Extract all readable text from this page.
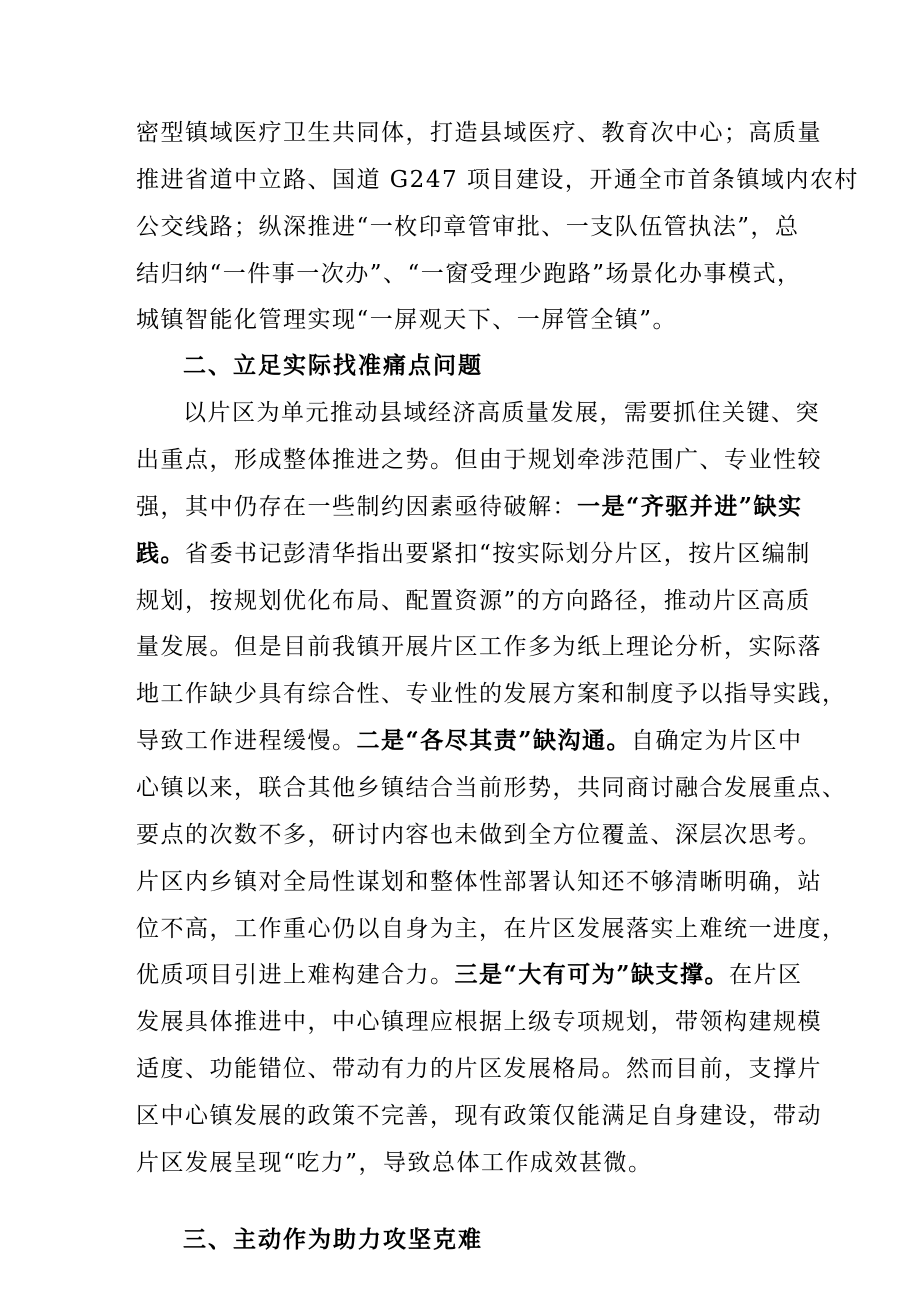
密型镇域医疗卫生共同体，打造县域医疗、教育次中心；高质量
推进省道中立路、国道 G247 项目建设，开通全市首条镇域内农村
公交线路；纵深推进“一枚印章管审批、一支队伍管执法”，总
结归纳“一件事一次办”、“一窗受理少跑路”场景化办事模式，
城镇智能化管理实现“一屏观天下、一屏管全镇”。
二、立足实际找准痛点问题
以片区为单元推动县域经济高质量发展，需要抓住关键、突
出重点，形成整体推进之势。但由于规划牵涉范围广、专业性较
强，其中仍存在一些制约因素亟待破解：一是“齐驱并进”缺实
践。省委书记彭清华指出要紧扣“按实际划分片区，按片区编制
规划，按规划优化布局、配置资源”的方向路径，推动片区高质
量发展。但是目前我镇开展片区工作多为纸上理论分析，实际落
地工作缺少具有综合性、专业性的发展方案和制度予以指导实践，
导致工作进程缓慢。二是“各尽其责”缺沟通。自确定为片区中
心镇以来，联合其他乡镇结合当前形势，共同商讨融合发展重点、
要点的次数不多，研讨内容也未做到全方位覆盖、深层次思考。
片区内乡镇对全局性谋划和整体性部署认知还不够清晰明确，站
位不高，工作重心仍以自身为主，在片区发展落实上难统一进度，
优质项目引进上难构建合力。三是“大有可为”缺支撑。在片区
发展具体推进中，中心镇理应根据上级专项规划，带领构建规模
适度、功能错位、带动有力的片区发展格局。然而目前，支撑片
区中心镇发展的政策不完善，现有政策仅能满足自身建设，带动
片区发展呈现“吃力”，导致总体工作成效甚微。
三、主动作为助力攻坚克难
